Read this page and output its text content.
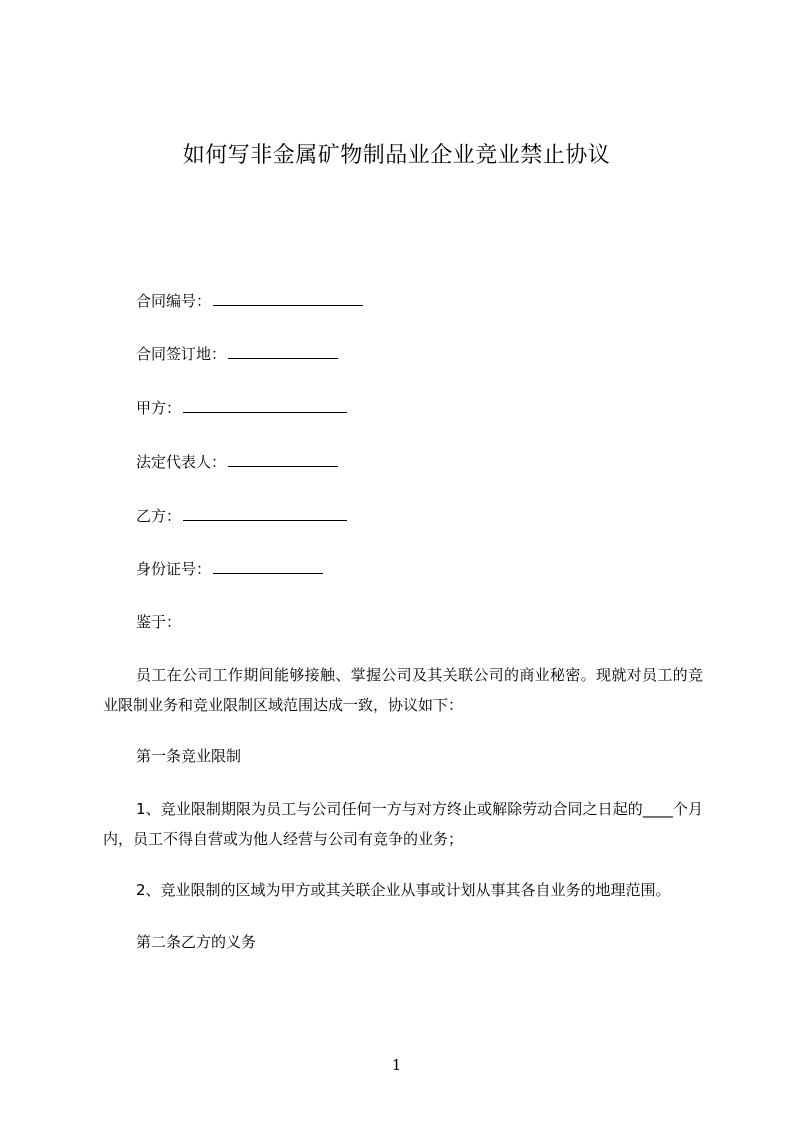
如何写非金属矿物制品业企业竞业禁止协议
合同编号：
合同签订地：
甲方：
法定代表人：
乙方：
身份证号：
鉴于：
员工在公司工作期间能够接触、掌握公司及其关联公司的商业秘密。现就对员工的竞业限制业务和竞业限制区域范围达成一致，协议如下：
第一条竞业限制
1、竞业限制期限为员工与公司任何一方与对方终止或解除劳动合同之日起的____个月内，员工不得自营或为他人经营与公司有竞争的业务；
2、竞业限制的区域为甲方或其关联企业从事或计划从事其各自业务的地理范围。
第二条乙方的义务
1
